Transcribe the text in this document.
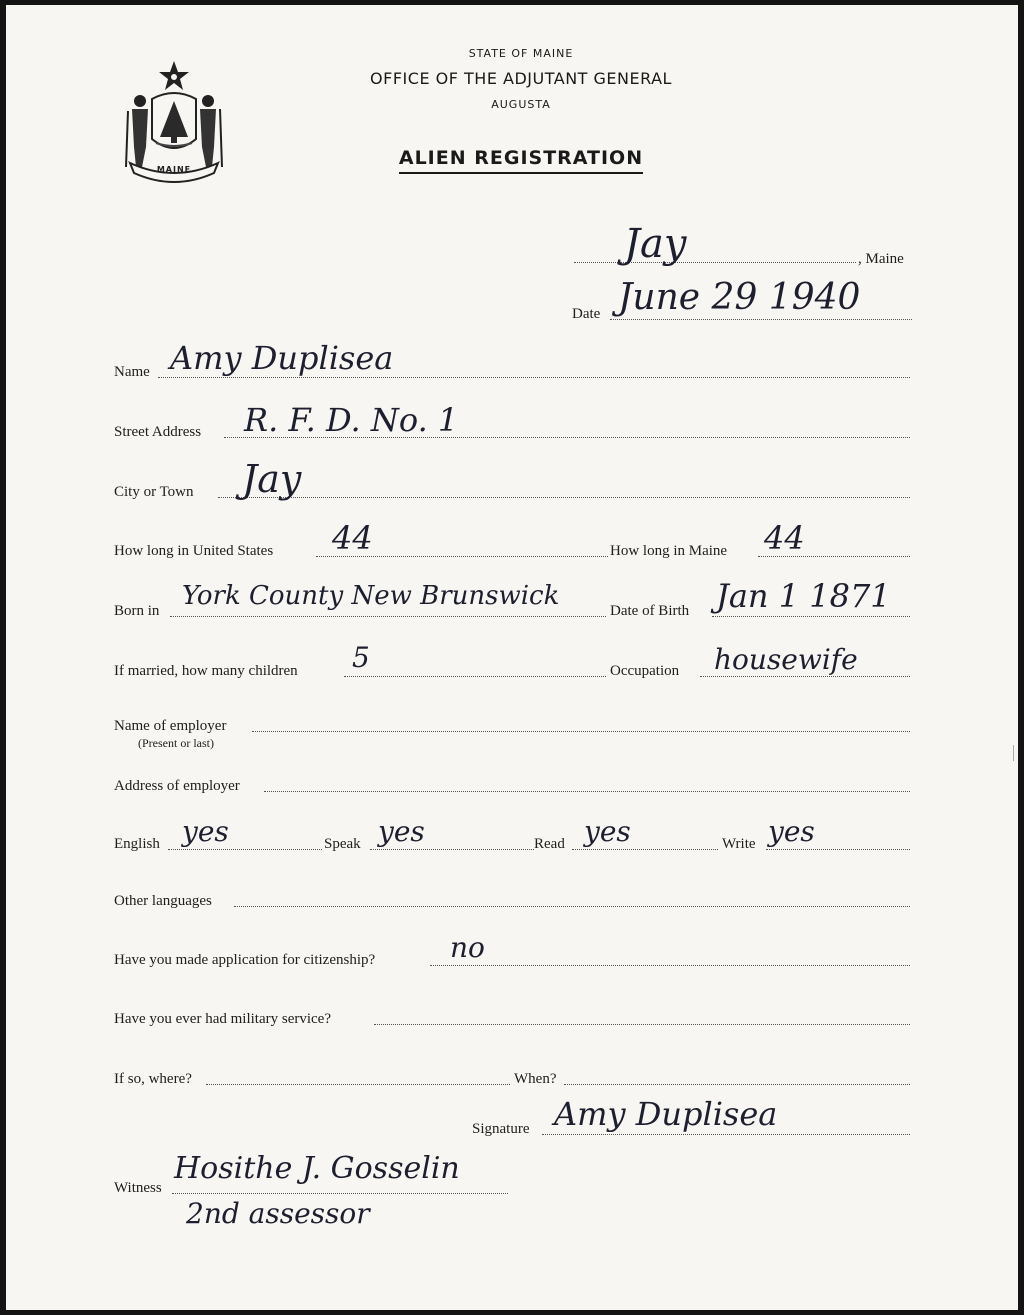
MAINE
STATE OF MAINE
OFFICE OF THE ADJUTANT GENERAL
AUGUSTA
ALIEN REGISTRATION
Jay	, Maine
Date June 29 1940
Name Amy Duplisea
Street Address R. F. D. No. 1
City or Town Jay
How long in United States 44	How long in Maine 44
Born in York County New Brunswick	Date of Birth Jan 1 1871
If married, how many children 5	Occupation housewife
Name of employer
(Present or last)
Address of employer
English yes	Speak yes	Read yes	Write yes
Other languages
Have you made application for citizenship?	no
Have you ever had military service?
If so, where?	When?
Signature Amy Duplisea
Witness
Hosithe J. Gosselin
2nd assessor
